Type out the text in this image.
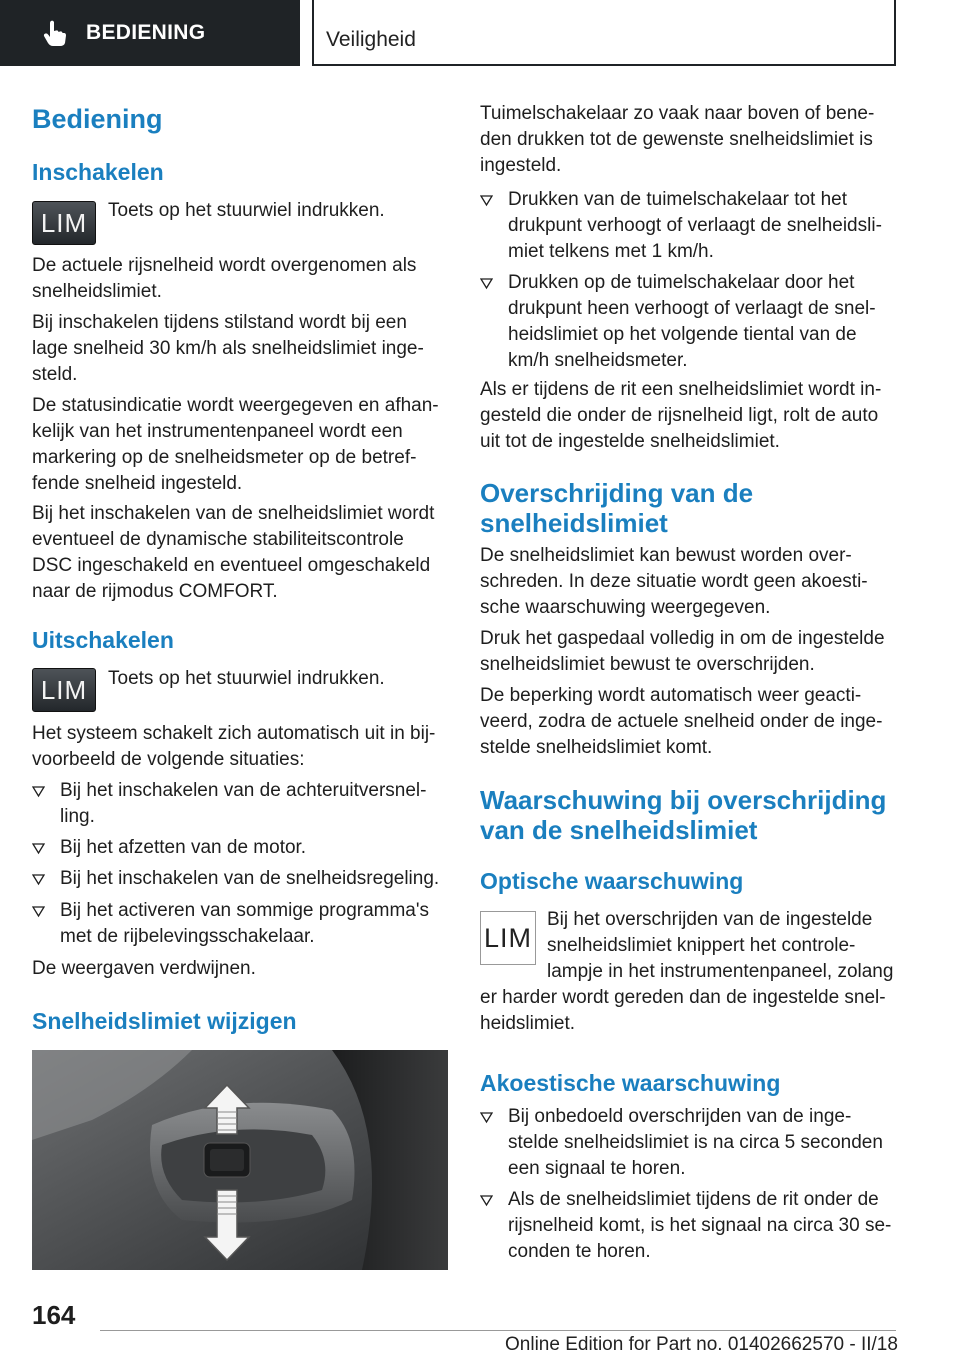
BEDIENING	Veiligheid
Bediening
Inschakelen
LIM Toets op het stuurwiel indrukken.
De actuele rijsnelheid wordt overgenomen als
snelheidslimiet.
Bij inschakelen tijdens stilstand wordt bij een
lage snelheid 30 km/h als snelheidslimiet inge-
steld.
De statusindicatie wordt weergegeven en afhan-
kelijk van het instrumentenpaneel wordt een
markering op de snelheidsmeter op de betref-
fende snelheid ingesteld.
Bij het inschakelen van de snelheidslimiet wordt
eventueel de dynamische stabiliteitscontrole
DSC ingeschakeld en eventueel omgeschakeld
naar de rijmodus COMFORT.
Uitschakelen
LIM Toets op het stuurwiel indrukken.
Het systeem schakelt zich automatisch uit in bij-
voorbeeld de volgende situaties:
Bij het inschakelen van de achteruitversnel-
ling.
Bij het afzetten van de motor.
Bij het inschakelen van de snelheidsregeling.
Bij het activeren van sommige programma's
met de rijbelevingsschakelaar.
De weergaven verdwijnen.
Snelheidslimiet wijzigen
Tuimelschakelaar zo vaak naar boven of bene-
den drukken tot de gewenste snelheidslimiet is
ingesteld.
Drukken van de tuimelschakelaar tot het
drukpunt verhoogt of verlaagt de snelheidsli-
miet telkens met 1 km/h.
Drukken op de tuimelschakelaar door het
drukpunt heen verhoogt of verlaagt de snel-
heidslimiet op het volgende tiental van de
km/h snelheidsmeter.
Als er tijdens de rit een snelheidslimiet wordt in-
gesteld die onder de rijsnelheid ligt, rolt de auto
uit tot de ingestelde snelheidslimiet.
Overschrijding van de
snelheidslimiet
De snelheidslimiet kan bewust worden over-
schreden. In deze situatie wordt geen akoesti-
sche waarschuwing weergegeven.
Druk het gaspedaal volledig in om de ingestelde
snelheidslimiet bewust te overschrijden.
De beperking wordt automatisch weer geacti-
veerd, zodra de actuele snelheid onder de inge-
stelde snelheidslimiet komt.
Waarschuwing bij overschrijding
van de snelheidslimiet
Optische waarschuwing
LIM
Bij het overschrijden van de ingestelde
snelheidslimiet knippert het controle-
lampje in het instrumentenpaneel, zolang
er harder wordt gereden dan de ingestelde snel-
heidslimiet.
Akoestische waarschuwing
Bij onbedoeld overschrijden van de inge-
stelde snelheidslimiet is na circa 5 seconden
een signaal te horen.
Als de snelheidslimiet tijdens de rit onder de
rijsnelheid komt, is het signaal na circa 30 se-
conden te horen.
164
Online Edition for Part no. 01402662570 - II/18
